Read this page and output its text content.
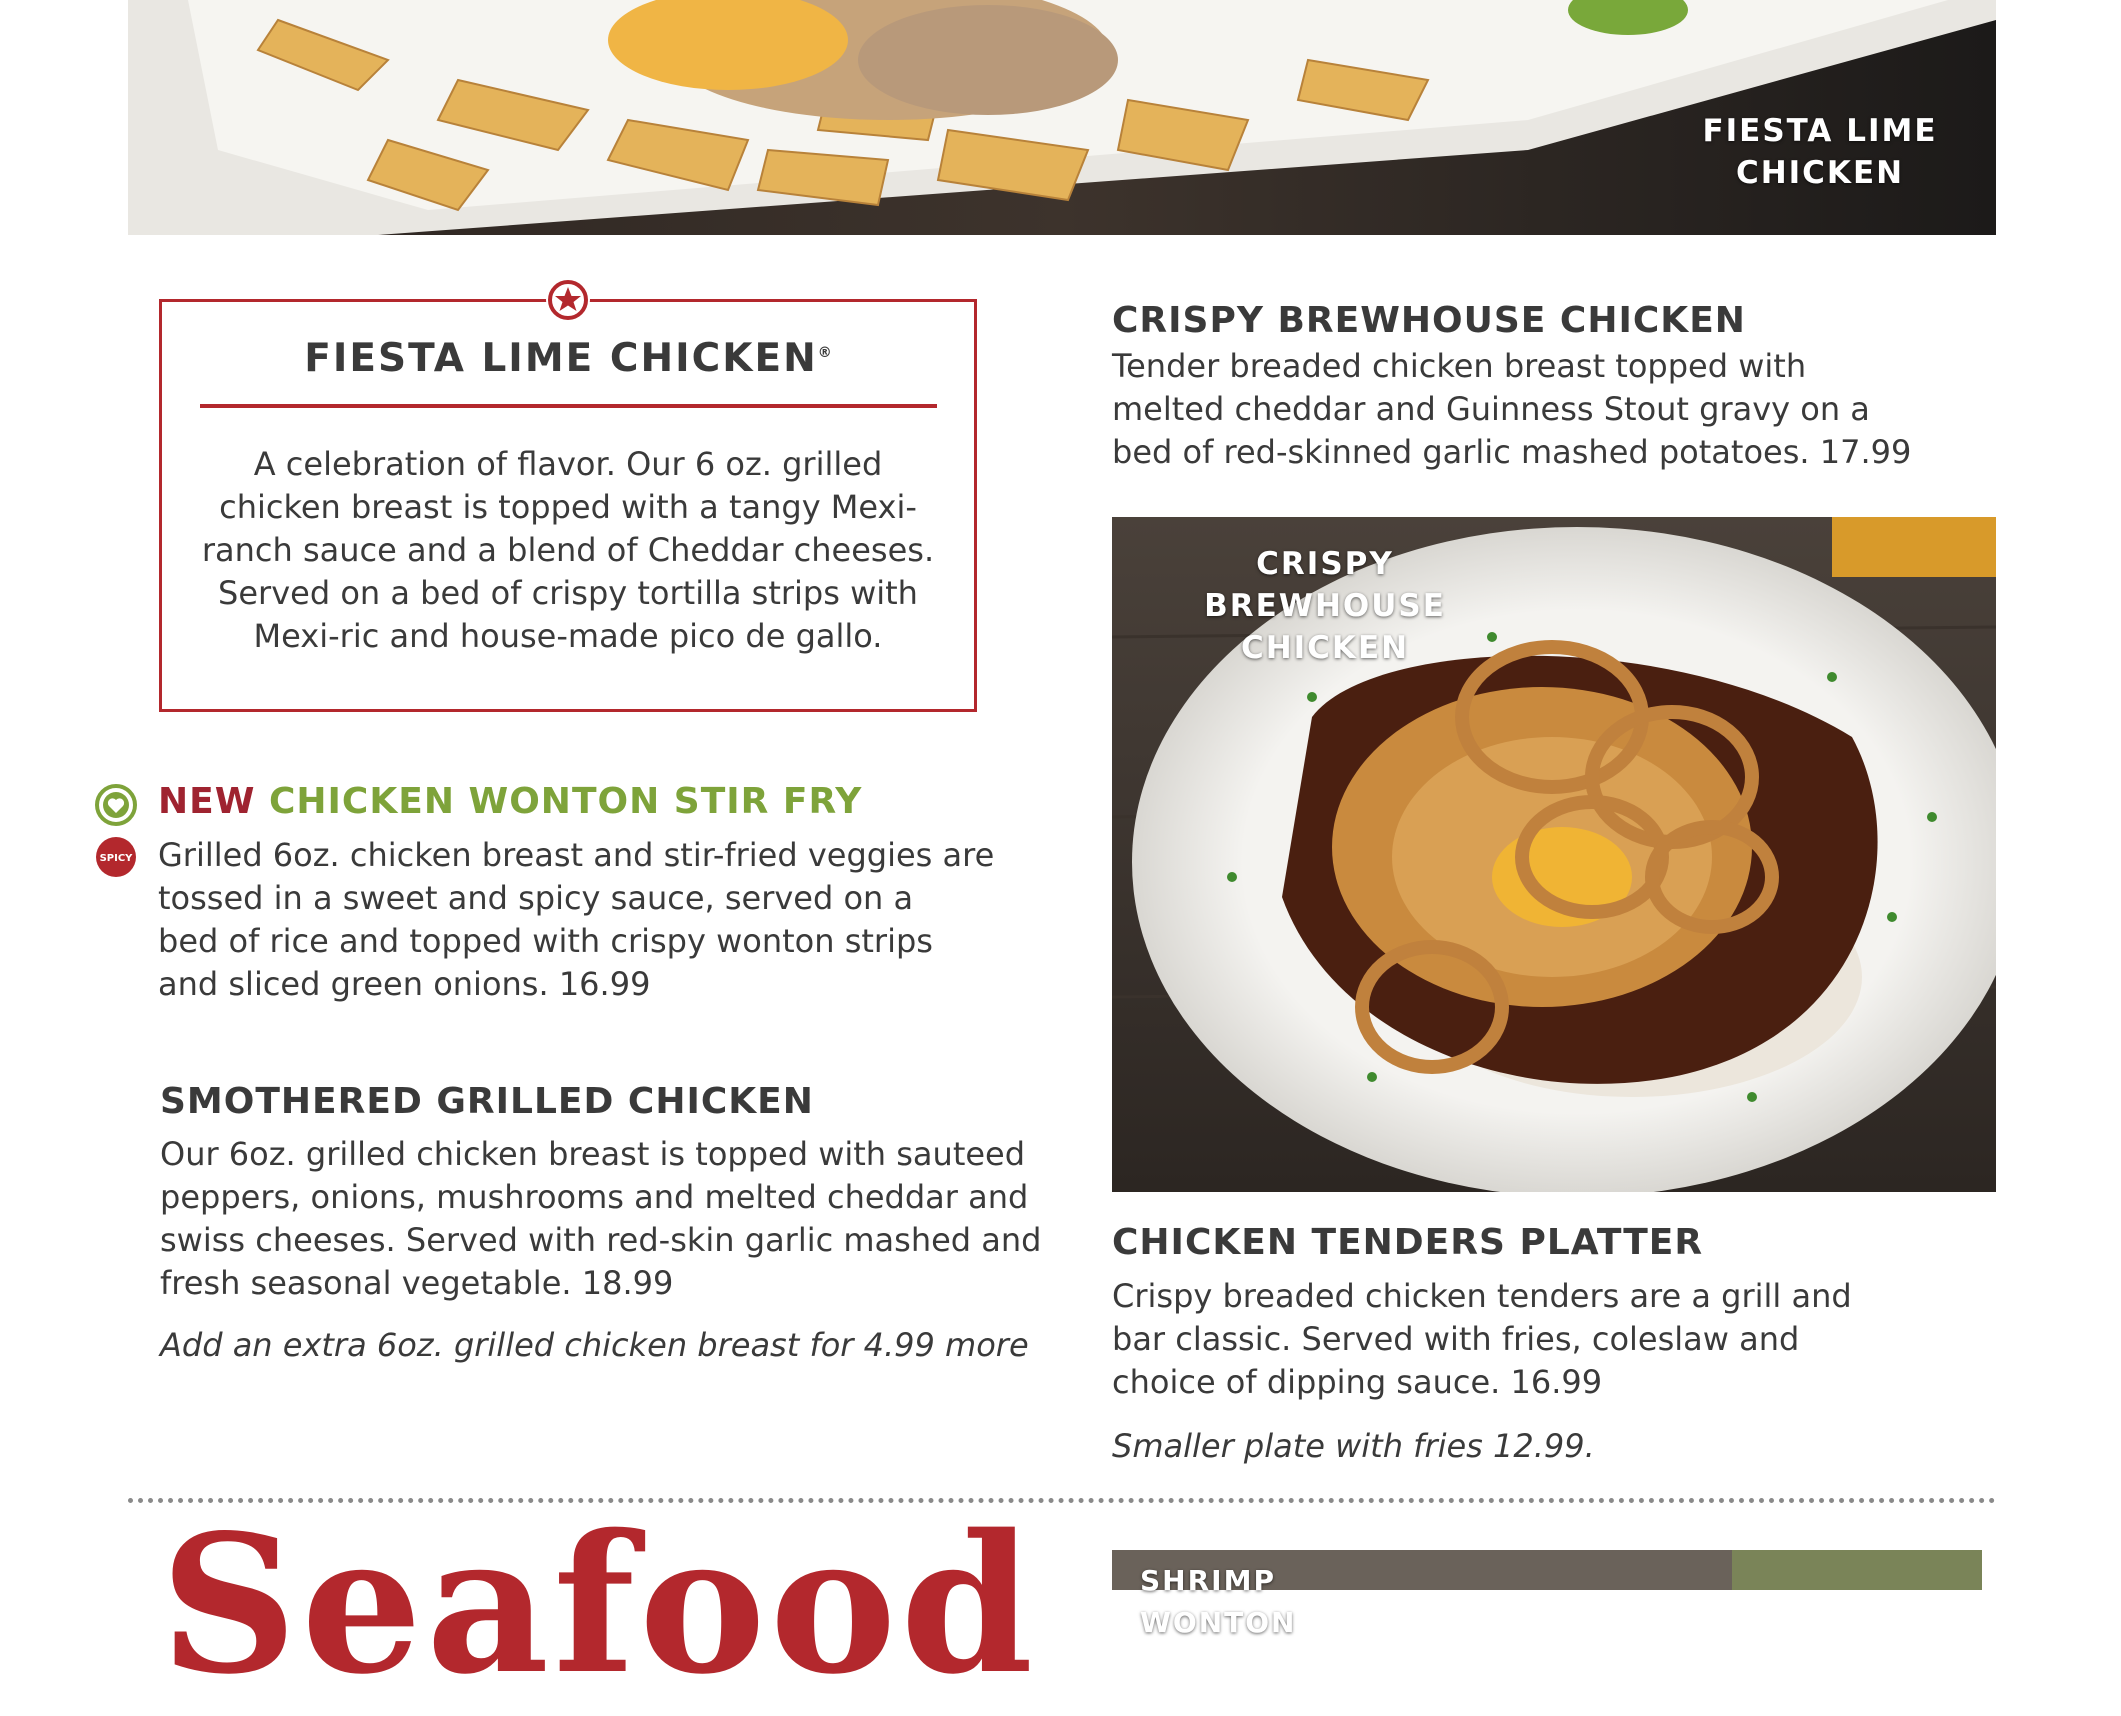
FIESTA LIME
CHICKEN
FIESTA LIME CHICKEN®
A celebration of flavor. Our 6 oz. grilled
chicken breast is topped with a tangy Mexi-
ranch sauce and a blend of Cheddar cheeses.
Served on a bed of crispy tortilla strips with
Mexi-ric and house-made pico de gallo.
SPICY
NEW CHICKEN WONTON STIR FRY
Grilled 6oz. chicken breast and stir-fried veggies are
tossed in a sweet and spicy sauce, served on a
bed of rice and topped with crispy wonton strips
and sliced green onions. 16.99
SMOTHERED GRILLED CHICKEN
Our 6oz. grilled chicken breast is topped with sauteed
peppers, onions, mushrooms and melted cheddar and
swiss cheeses. Served with red-skin garlic mashed and
fresh seasonal vegetable. 18.99

Add an extra 6oz. grilled chicken breast for 4.99 more

CRISPY BREWHOUSE CHICKEN
Tender breaded chicken breast topped with
melted cheddar and Guinness Stout gravy on a
bed of red-skinned garlic mashed potatoes. 17.99
CRISPY BREWHOUSE
CHICKEN
CHICKEN TENDERS PLATTER
Crispy breaded chicken tenders are a grill and
bar classic. Served with fries, coleslaw and
choice of dipping sauce. 16.99

Smaller plate with fries 12.99.

Seafood	SHRIMP WONTON
